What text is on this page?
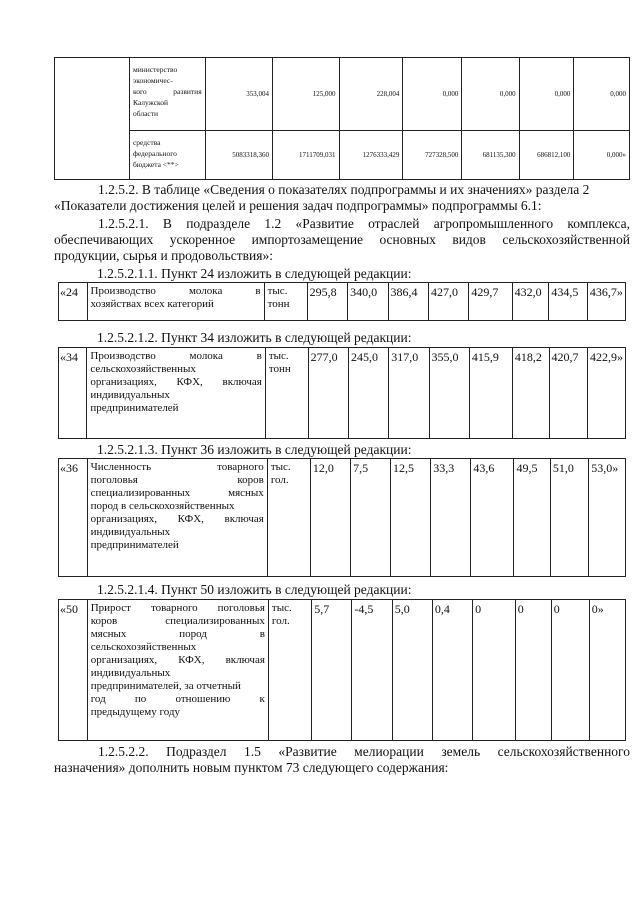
	министерство
экономичес-
кого развития
Калужской
области	353,004	125,000	228,004	0,000	0,000	0,000	0,000

	средства
федерального
бюджета <**>	5083318,360	1711709,031	1276333,429	727328,500	681135,300	686812,100	0,000»
1.2.5.2. В таблице «Сведения о показателях подпрограммы и их значениях» раздела 2
«Показатели достижения целей и решения задач подпрограммы» подпрограммы 6.1:
1.2.5.2.1. В подразделе 1.2 «Развитие отраслей агропромышленного комплекса,
обеспечивающих ускоренное импортозамещение основных видов сельскохозяйственной
продукции, сырья и продовольствия»:
1.2.5.2.1.1. Пункт 24 изложить в следующей редакции:
«24	Производство молока в
хозяйствах всех категорий

тыс.
тонн
	295,8	340,0	386,4	427,0	429,7	432,0	434,5	436,7»
1.2.5.2.1.2. Пункт 34 изложить в следующей редакции:
«34	Производство молока в
сельскохозяйственных
организациях, КФХ, включая
индивидуальных
предпринимателей

тыс.
тонн
	277,0	245,0	317,0	355,0	415,9	418,2	420,7	422,9»
1.2.5.2.1.3. Пункт 36 изложить в следующей редакции:
«36	Численность товарного
поголовья коров
специализированных мясных
пород в сельскохозяйственных
организациях, КФХ, включая
индивидуальных
предпринимателей

тыс.
гол.
	12,0	7,5	12,5	33,3	43,6	49,5	51,0	53,0»
1.2.5.2.1.4. Пункт 50 изложить в следующей редакции:
«50	Прирост товарного поголовья
коров специализированных
мясных пород в
сельскохозяйственных
организациях, КФХ, включая
индивидуальных
предпринимателей, за отчетный
год по отношению к
предыдущему году

тыс.
гол.
	5,7	-4,5	5,0	0,4	0	0	0	0»
1.2.5.2.2. Подраздел 1.5 «Развитие мелиорации земель сельскохозяйственного
назначения» дополнить новым пунктом 73 следующего содержания:
